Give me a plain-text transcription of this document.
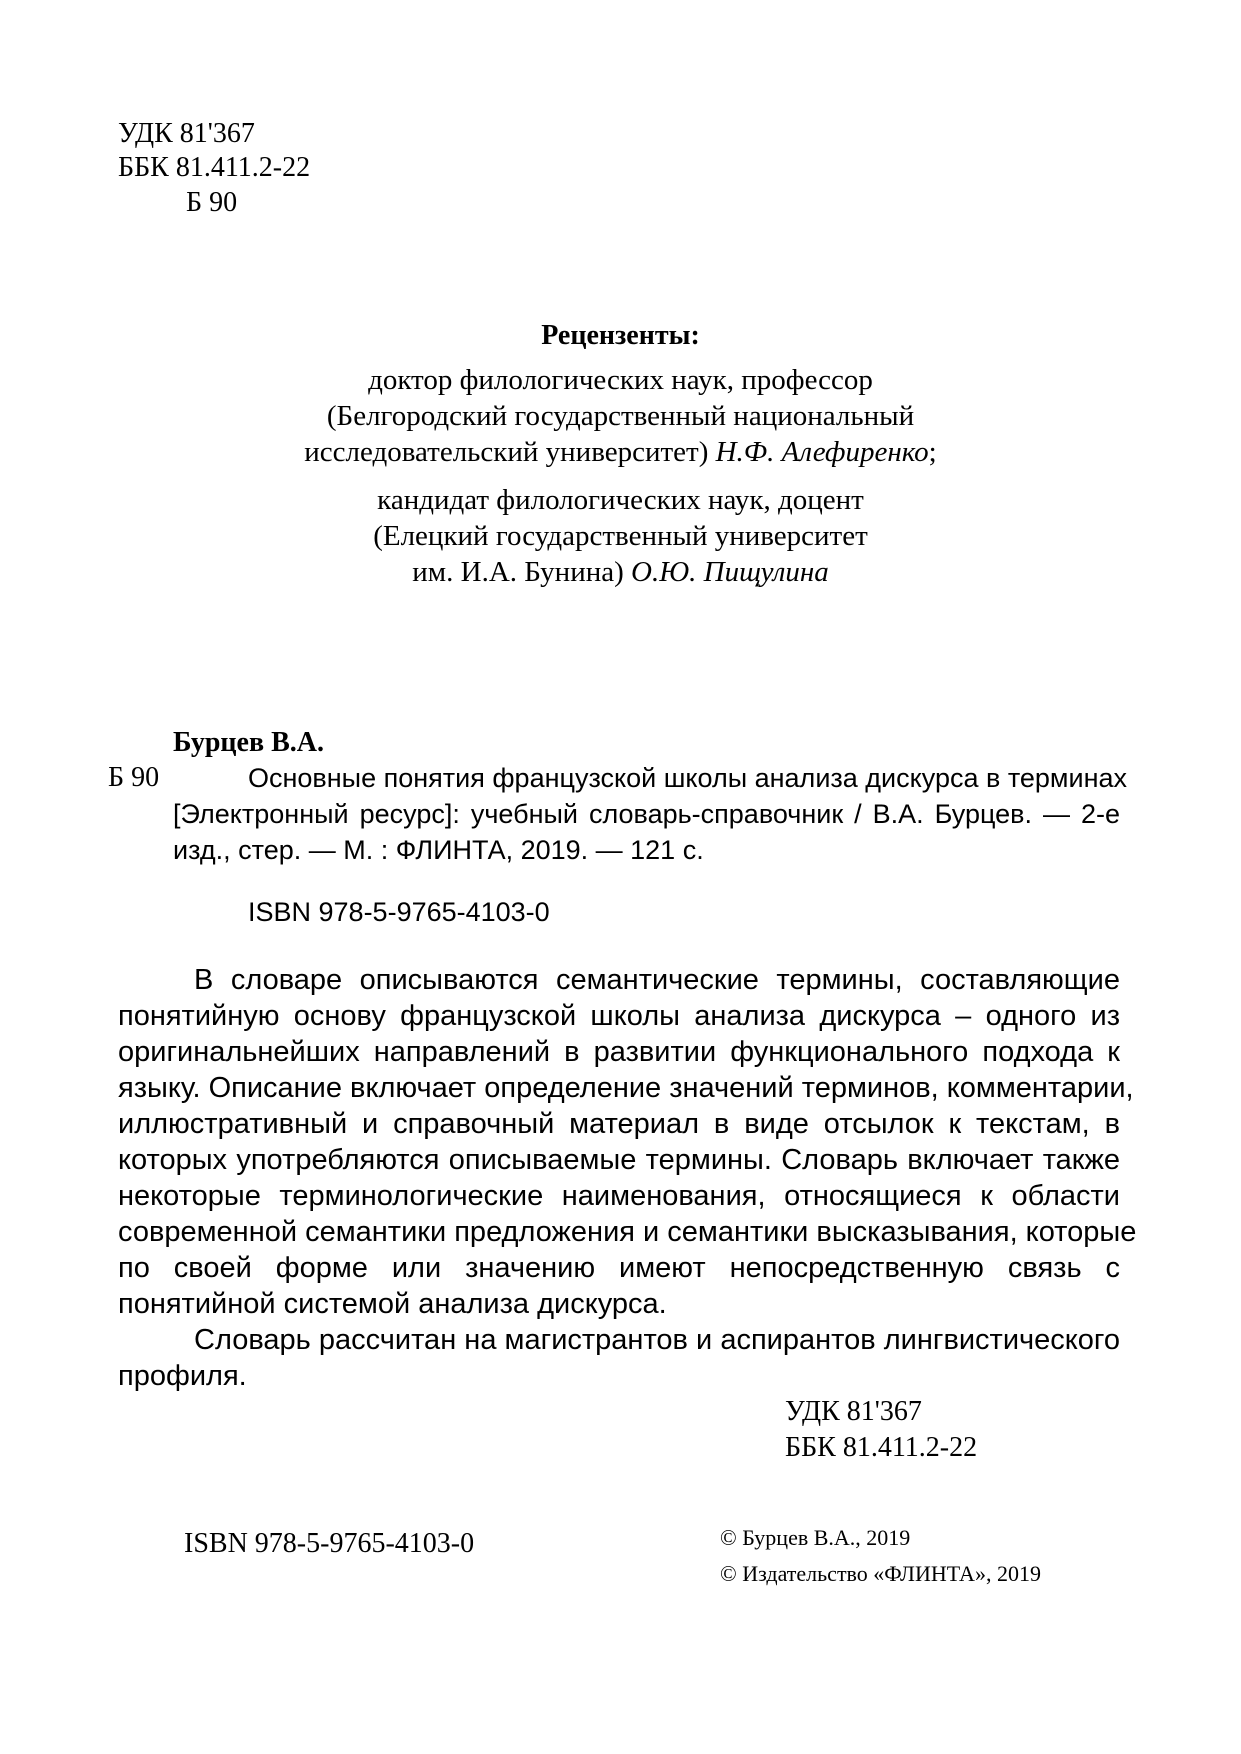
УДК 81'367
ББК 81.411.2-22
Б 90
Рецензенты:
доктор филологических наук, профессор
(Белгородский государственный национальный
исследовательский университет) Н.Ф. Алефиренко;
кандидат филологических наук, доцент
(Елецкий государственный университет
им. И.А. Бунина) О.Ю. Пищулина
Бурцев В.А.
Б 90	Основные понятия французской школы анализа дискурса в терминах
[Электронный ресурс]: учебный словарь-справочник / В.А. Бурцев. — 2-е
изд., стер. — М. : ФЛИНТА, 2019. — 121 с.
ISBN 978-5-9765-4103-0
В словаре описываются семантические термины, составляющие
понятийную основу французской школы анализа дискурса – одного из
оригинальнейших направлений в развитии функционального подхода к
языку. Описание включает определение значений терминов, комментарии,
иллюстративный и справочный материал в виде отсылок к текстам, в
которых употребляются описываемые термины. Словарь включает также
некоторые терминологические наименования, относящиеся к области
современной семантики предложения и семантики высказывания, которые
по своей форме или значению имеют непосредственную связь с
понятийной системой анализа дискурса.
Словарь рассчитан на магистрантов и аспирантов лингвистического
профиля.
УДК 81'367
ББК 81.411.2-22
ISBN 978-5-9765-4103-0	© Бурцев В.А., 2019
© Издательство «ФЛИНТА», 2019
